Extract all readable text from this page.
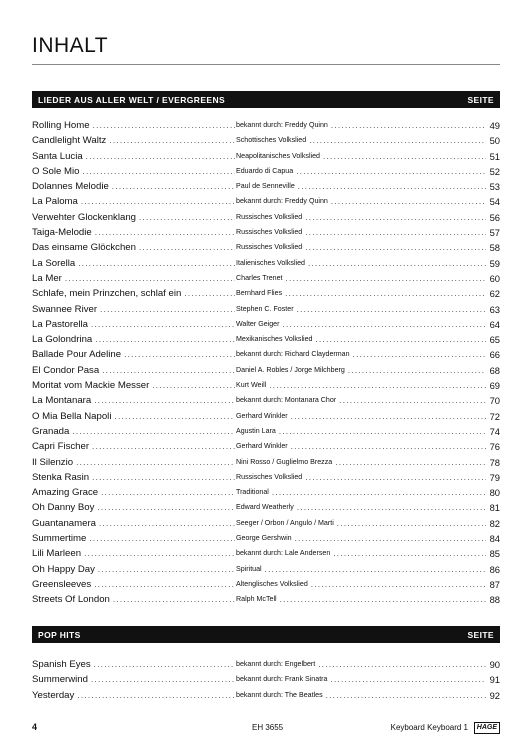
INHALT
LIEDER AUS ALLER WELT / EVERGREENS	SEITE
Rolling Home .....	bekannt durch: Freddy Quinn .....	49
Candlelight Waltz .....	Schottisches Volkslied .....	50
Santa Lucia .....	Neapolitanisches Volkslied .....	51
O Sole Mio .....	Eduardo di Capua .....	52
Dolannes Melodie .....	Paul de Senneville .....	53
La Paloma .....	bekannt durch: Freddy Quinn .....	54
Verwehter Glockenklang .....	Russisches Volkslied .....	56
Taiga-Melodie .....	Russisches Volkslied .....	57
Das einsame Glöckchen .....	Russisches Volkslied .....	58
La Sorella .....	Italienisches Volkslied .....	59
La Mer .....	Charles Trenet .....	60
Schlafe, mein Prinzchen, schlaf ein .....	Bernhard Flies .....	62
Swannee River .....	Stephen C. Foster .....	63
La Pastorella .....	Walter Geiger .....	64
La Golondrina .....	Mexikanisches Volkslied .....	65
Ballade Pour Adeline .....	bekannt durch: Richard Clayderman .....	66
El Condor Pasa .....	Daniel A. Robles / Jorge Milchberg .....	68
Moritat vom Mackie Messer .....	Kurt Weill .....	69
La Montanara .....	bekannt durch: Montanara Chor .....	70
O Mia Bella Napoli .....	Gerhard Winkler .....	72
Granada .....	Agustin Lara .....	74
Capri Fischer .....	Gerhard Winkler .....	76
Il Silenzio .....	Nini Rosso / Guglielmo Brezza .....	78
Stenka Rasin .....	Russisches Volkslied .....	79
Amazing Grace .....	Traditional .....	80
Oh Danny Boy .....	Edward Weatherly .....	81
Guantanamera .....	Seeger / Orbon / Angulo / Marti .....	82
Summertime .....	George Gershwin .....	84
Lili Marleen .....	bekannt durch: Lale Andersen .....	85
Oh Happy Day .....	Spiritual .....	86
Greensleeves .....	Altenglisches Volkslied .....	87
Streets Of London .....	Ralph McTell .....	88
POP HITS	SEITE
Spanish Eyes .....	bekannt durch: Engelbert .....	90
Summerwind .....	bekannt durch: Frank Sinatra .....	91
Yesterday .....	bekannt durch: The Beatles .....	92
4	EH 3655	Keyboard Keyboard 1	HAGE
